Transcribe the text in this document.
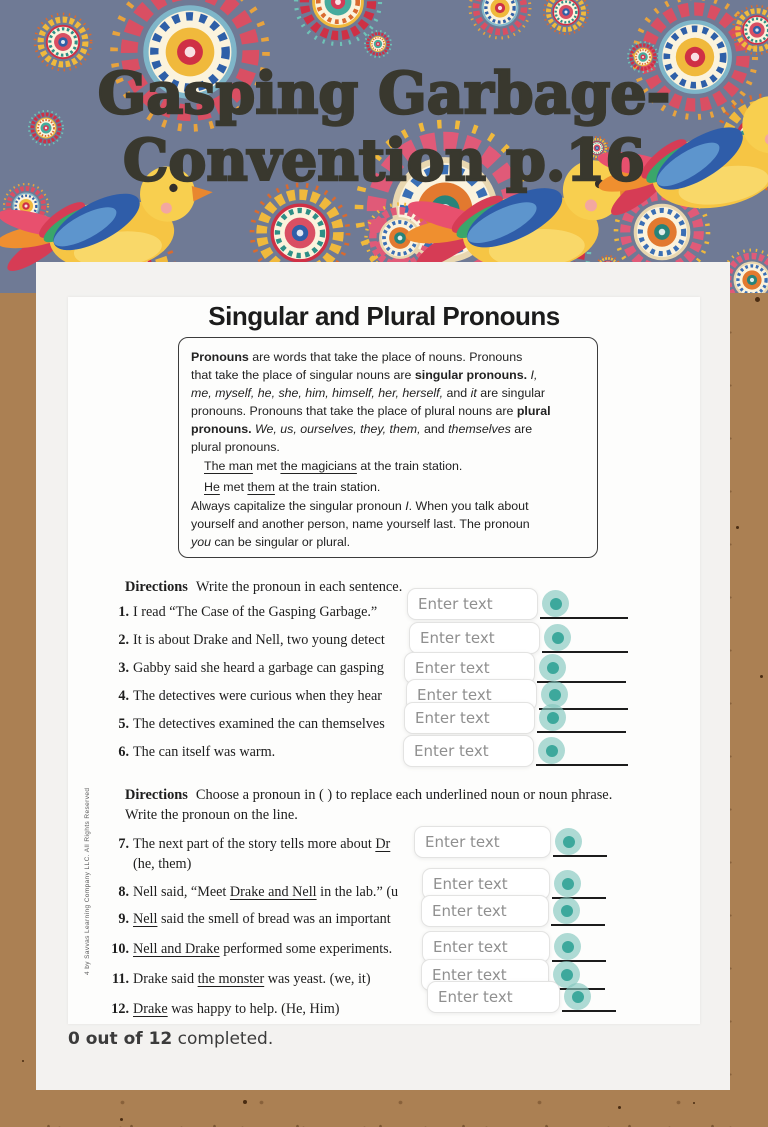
Gasping Garbage-
Convention p.16
Singular and Plural Pronouns
Pronouns are words that take the place of nouns. Pronouns
that take the place of singular nouns are singular pronouns. I,
me, myself, he, she, him, himself, her, herself, and it are singular
pronouns. Pronouns that take the place of plural nouns are plural
pronouns. We, us, ourselves, they, them, and themselves are
plural pronouns.
The man met the magicians at the train station.
He met them at the train station.
Always capitalize the singular pronoun I. When you talk about
yourself and another person, name yourself last. The pronoun
you can be singular or plural.
4 by Savvas Learning Company LLC. All Rights Reserved
Directions Write the pronoun in each sentence.
1. I read “The Case of the Gasping Garbage.”
2. It is about Drake and Nell, two young detect
3. Gabby said she heard a garbage can gasping
4. The detectives were curious when they hear
5. The detectives examined the can themselves
6. The can itself was warm.
Directions Choose a pronoun in ( ) to replace each underlined noun or noun phrase.
Write the pronoun on the line.
7. The next part of the story tells more about Dr
(he, them)
8. Nell said, “Meet Drake and Nell in the lab.” (u
9. Nell said the smell of bread was an important
10. Nell and Drake performed some experiments.
11. Drake said the monster was yeast. (we, it)
12. Drake was happy to help. (He, Him)
0 out of 12 completed.
Enter text
Enter text
Enter text
Enter text
Enter text
Enter text
Enter text
Enter text
Enter text
Enter text
Enter text
Enter text
